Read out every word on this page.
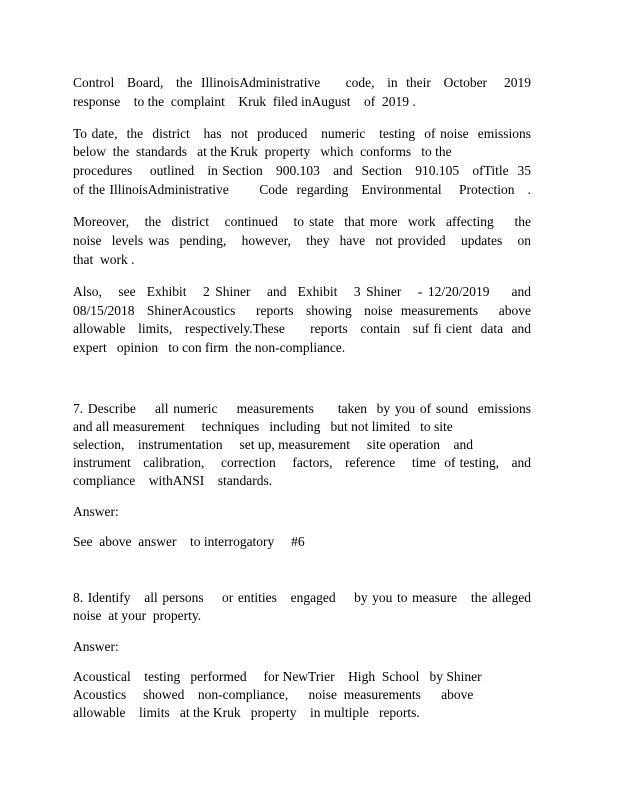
Control   Board,   the  IllinoisAdministrative      code,   in  their   October    2019
response    to the  complaint    Kruk  filed inAugust    of  2019 .
To date,  the  district   has  not  produced   numeric   testing  of noise  emissions
below  the  standards   at the Kruk  property   which  conforms   to the
procedures    outlined   in Section   900.103   and  Section   910.105   ofTitle  35
of the IllinoisAdministrative       Code  regarding   Environmental    Protection   .
Moreover,   the  district   continued   to state  that more  work  affecting    the
noise  levels was  pending,   however,   they  have  not provided   updates   on
that  work .
Also,   see  Exhibit   2 Shiner   and  Exhibit   3 Shiner   - 12/20/2019    and
08/15/2018   ShinerAcoustics     reports   showing   noise  measurements     above
allowable   limits,   respectively.These      reports   contain   suf fi cient  data  and
expert   opinion   to con firm  the non-compliance.
7. Describe    all numeric    measurements     taken  by you of sound  emissions
and all measurement     techniques   including   but not limited   to site
selection,    instrumentation     set up, measurement     site operation    and
instrument   calibration,    correction    factors,   reference    time  of testing,   and
compliance    withANSI    standards.
Answer:
See  above  answer    to interrogatory     #6
8. Identify   all persons    or entities   engaged    by you to measure   the alleged
noise  at your  property.
Answer:
Acoustical    testing   performed     for NewTrier    High  School   by Shiner
Acoustics     showed    non-compliance,      noise  measurements      above
allowable    limits   at the Kruk   property    in multiple   reports.
